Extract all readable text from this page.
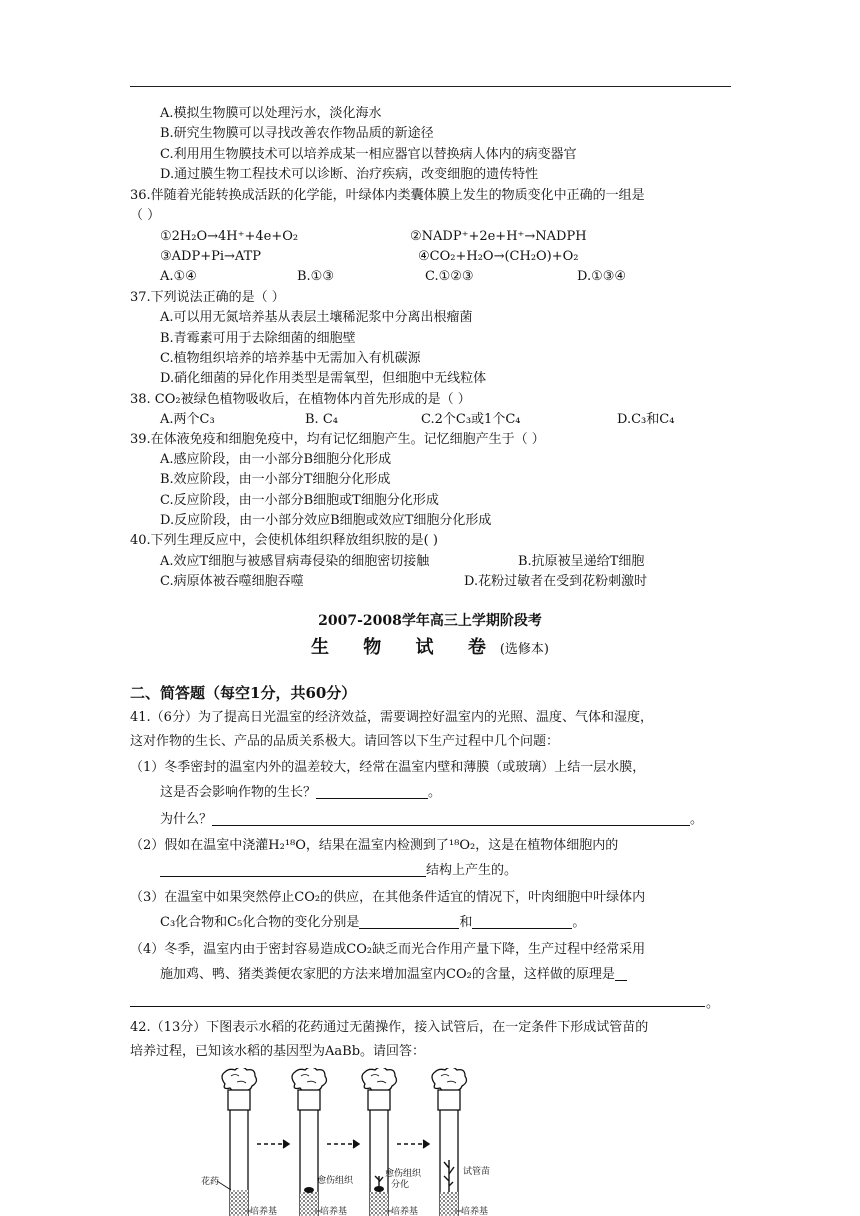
A.模拟生物膜可以处理污水，淡化海水
B.研究生物膜可以寻找改善农作物品质的新途径
C.利用用生物膜技术可以培养成某一相应器官以替换病人体内的病变器官
D.通过膜生物工程技术可以诊断、治疗疾病，改变细胞的遗传特性
36.伴随着光能转换成活跃的化学能，叶绿体内类囊体膜上发生的物质变化中正确的一组是
（ ）
①2H₂O→4H⁺+4e+O₂	②NADP⁺+2e+H⁺→NADPH
③ADP+Pi→ATP	④CO₂+H₂O→(CH₂O)+O₂
A.①④	B.①③	C.①②③	D.①③④
37.下列说法正确的是（ ）
A.可以用无氮培养基从表层土壤稀泥浆中分离出根瘤菌
B.青霉素可用于去除细菌的细胞壁
C.植物组织培养的培养基中无需加入有机碳源
D.硝化细菌的异化作用类型是需氧型，但细胞中无线粒体
38. CO₂被绿色植物吸收后，在植物体内首先形成的是（ ）
A.两个C₃	B. C₄	C.2个C₃或1个C₄	D.C₃和C₄
39.在体液免疫和细胞免疫中，均有记忆细胞产生。记忆细胞产生于（ ）
A.感应阶段，由一小部分B细胞分化形成
B.效应阶段，由一小部分T细胞分化形成
C.反应阶段，由一小部分B细胞或T细胞分化形成
D.反应阶段，由一小部分效应B细胞或效应T细胞分化形成
40.下列生理反应中，会使机体组织释放组织胺的是( )
A.效应T细胞与被感冒病毒侵染的细胞密切接触	B.抗原被呈递给T细胞
C.病原体被吞噬细胞吞噬	D.花粉过敏者在受到花粉刺激时
2007-2008学年高三上学期阶段考
生 物 试 卷(选修本)
二、简答题（每空1分，共60分）
41.（6分）为了提高日光温室的经济效益，需要调控好温室内的光照、温度、气体和湿度，
这对作物的生长、产品的品质关系极大。请回答以下生产过程中几个问题：
（1）冬季密封的温室内外的温差较大，经常在温室内壁和薄膜（或玻璃）上结一层水膜，
这是否会影响作物的生长？	。
为什么？	。
（2）假如在温室中浇灌H₂¹⁸O，结果在温室内检测到了¹⁸O₂，这是在植物体细胞内的
结构上产生的。
（3）在温室中如果突然停止CO₂的供应，在其他条件适宜的情况下，叶肉细胞中叶绿体内
C₃化合物和C₅化合物的变化分别是	和	。
（4）冬季，温室内由于密封容易造成CO₂缺乏而光合作用产量下降，生产过程中经常采用
施加鸡、鸭、猪类粪便农家肥的方法来增加温室内CO₂的含量，这样做的原理是
。
42.（13分）下图表示水稻的花药通过无菌操作，接入试管后，在一定条件下形成试管苗的
培养过程，已知该水稻的基因型为AaBb。请回答：
花药	愈伤组织
愈伤组织
分化
试管苗
培养基	培养基	培养基	培养基
